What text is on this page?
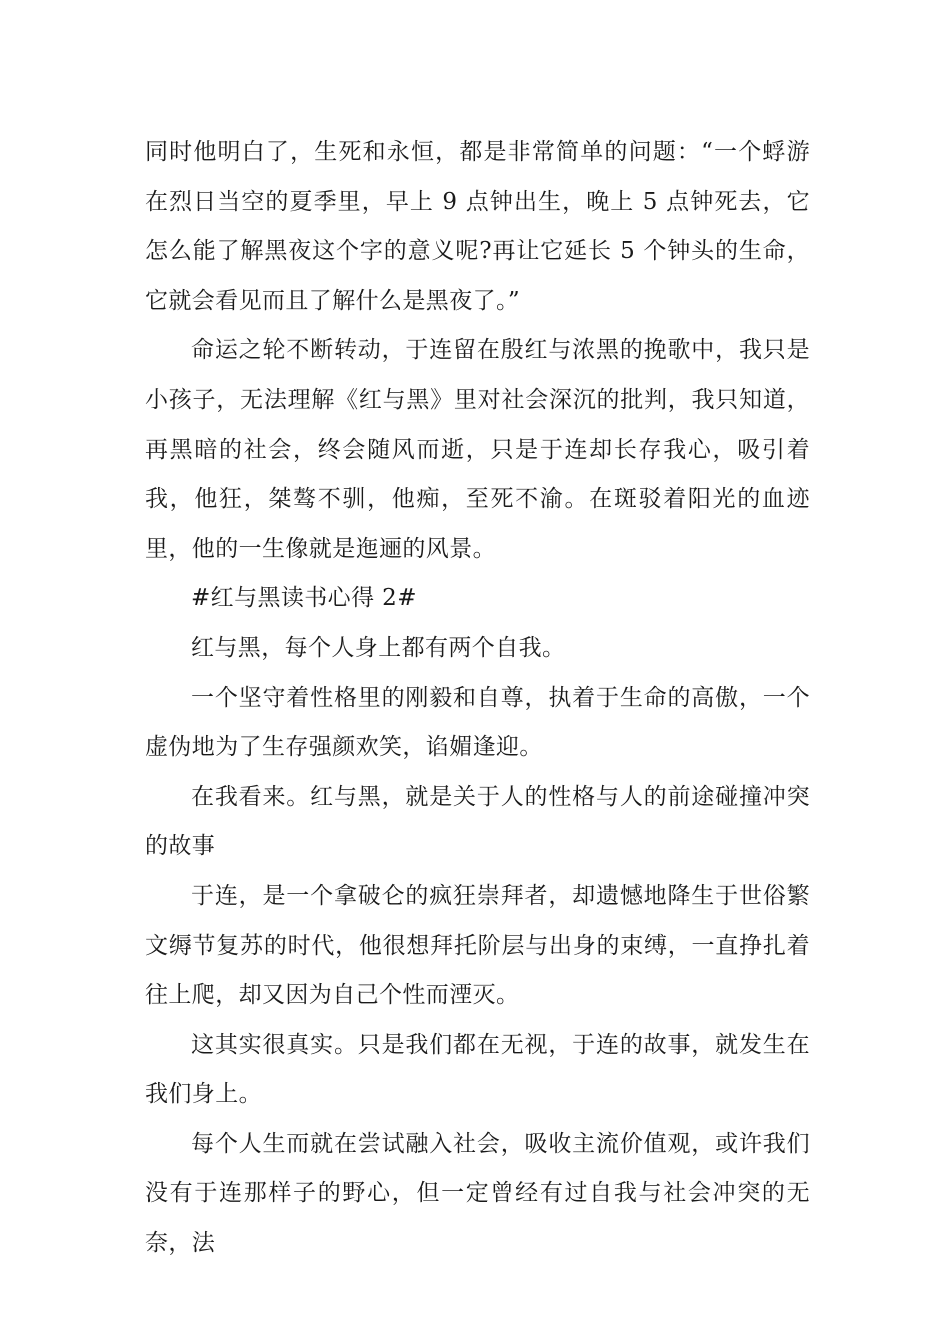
同时他明白了，生死和永恒，都是非常简单的问题：“一个蜉游在烈日当空的夏季里，早上 9 点钟出生，晚上 5 点钟死去，它怎么能了解黑夜这个字的意义呢?再让它延长 5 个钟头的生命，它就会看见而且了解什么是黑夜了。”

命运之轮不断转动，于连留在殷红与浓黑的挽歌中，我只是小孩子，无法理解《红与黑》里对社会深沉的批判，我只知道，再黑暗的社会，终会随风而逝，只是于连却长存我心，吸引着我，他狂，桀骜不驯，他痴，至死不渝。在斑驳着阳光的血迹里，他的一生像就是迤逦的风景。

#红与黑读书心得 2#

红与黑，每个人身上都有两个自我。

一个坚守着性格里的刚毅和自尊，执着于生命的高傲，一个虚伪地为了生存强颜欢笑，谄媚逢迎。

在我看来。红与黑，就是关于人的性格与人的前途碰撞冲突的故事

于连，是一个拿破仑的疯狂崇拜者，却遗憾地降生于世俗繁文缛节复苏的时代，他很想拜托阶层与出身的束缚，一直挣扎着往上爬，却又因为自己个性而湮灭。

这其实很真实。只是我们都在无视，于连的故事，就发生在我们身上。

每个人生而就在尝试融入社会，吸收主流价值观，或许我们没有于连那样子的野心，但一定曾经有过自我与社会冲突的无奈，法
